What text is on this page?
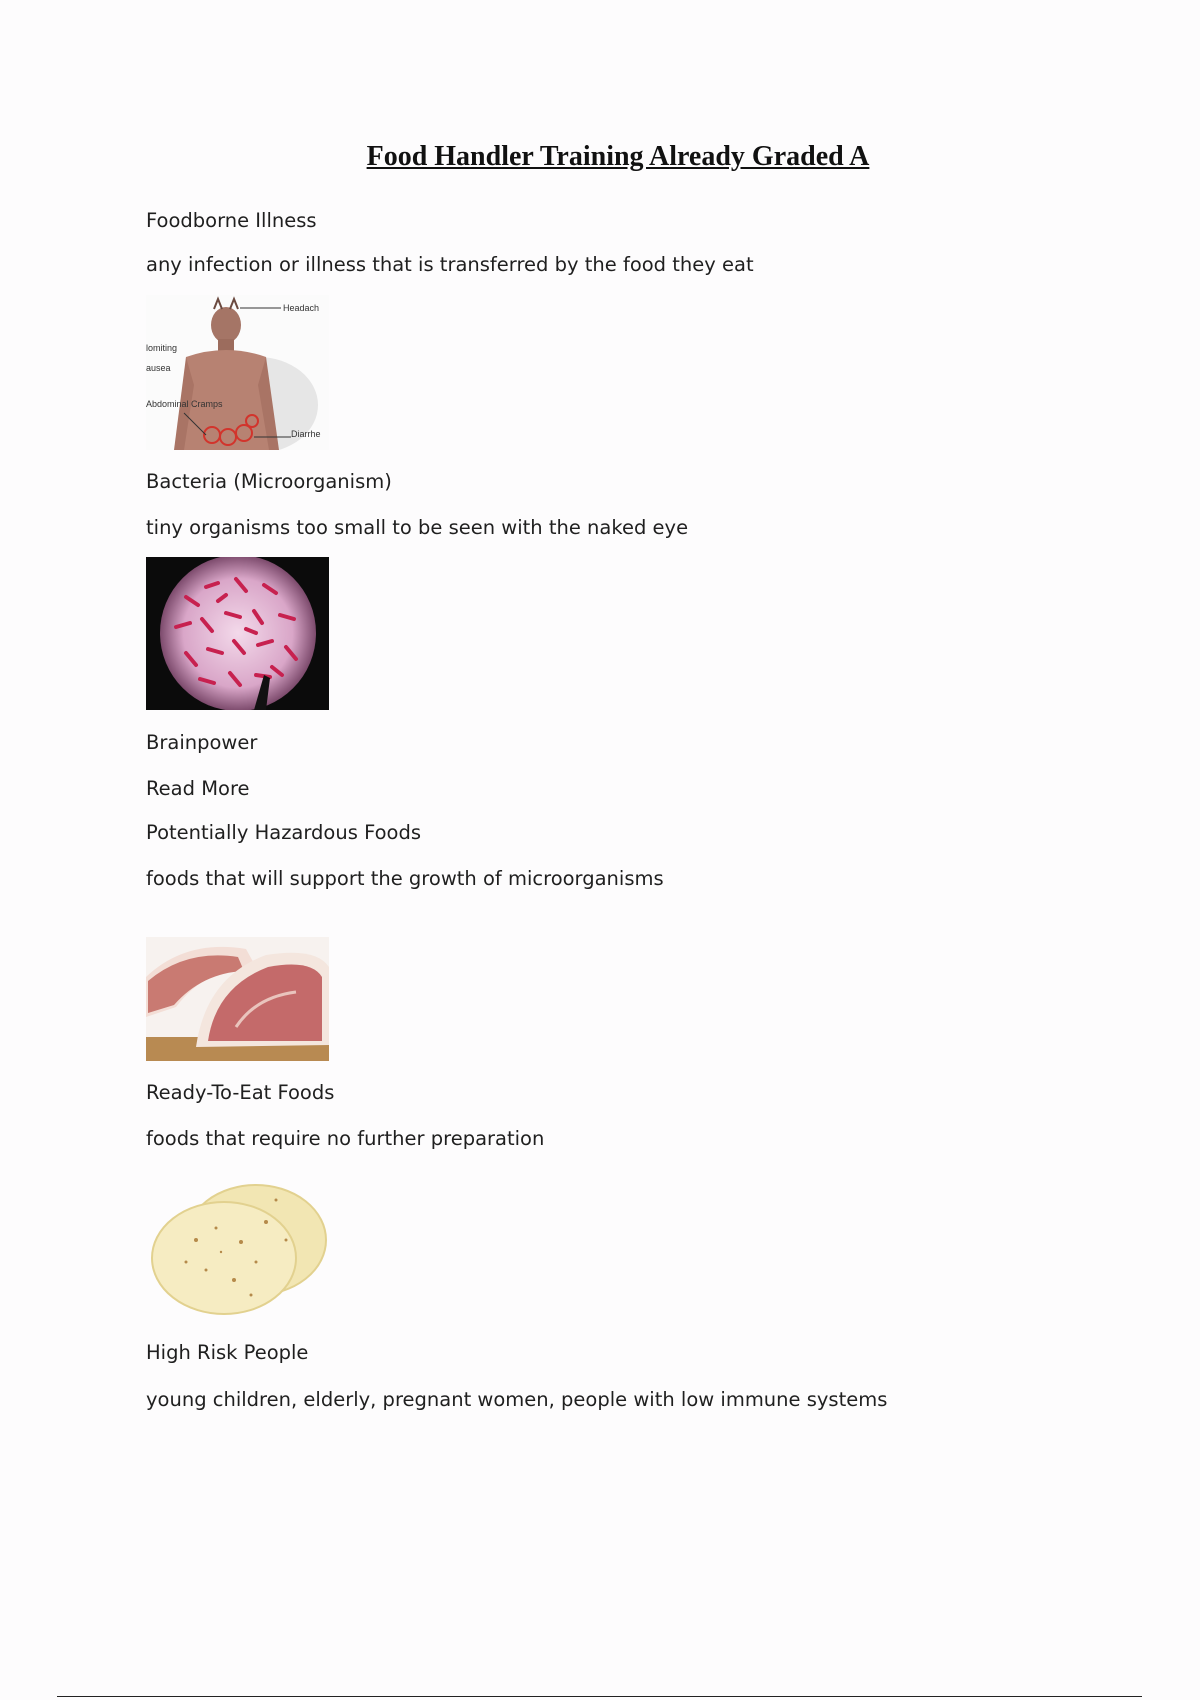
Food Handler Training Already Graded A
Foodborne Illness
any infection or illness that is transferred by the food they eat
Headach
lomiting
ausea
Abdominal Cramps
Diarrhe
Bacteria (Microorganism)
tiny organisms too small to be seen with the naked eye
Brainpower
Read More
Potentially Hazardous Foods
foods that will support the growth of microorganisms
Ready-To-Eat Foods
foods that require no further preparation
High Risk People
young children, elderly, pregnant women, people with low immune systems
